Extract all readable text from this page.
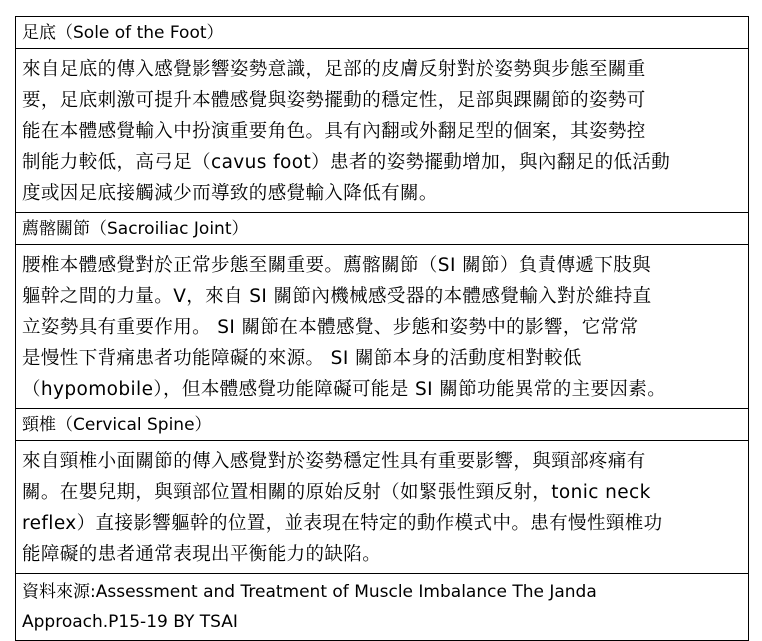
足底（Sole of the Foot）
來自足底的傳入感覺影響姿勢意識，足部的皮膚反射對於姿勢與步態至關重
要，足底刺激可提升本體感覺與姿勢擺動的穩定性，足部與踝關節的姿勢可
能在本體感覺輸入中扮演重要角色。具有內翻或外翻足型的個案，其姿勢控
制能力較低，高弓足（cavus foot）患者的姿勢擺動增加，與內翻足的低活動
度或因足底接觸減少而導致的感覺輸入降低有關。
薦髂關節（Sacroiliac Joint）
腰椎本體感覺對於正常步態至關重要。薦髂關節（SI 關節）負責傳遞下肢與
軀幹之間的力量。V，來自 SI 關節內機械感受器的本體感覺輸入對於維持直
立姿勢具有重要作用。 SI 關節在本體感覺、步態和姿勢中的影響，它常常
是慢性下背痛患者功能障礙的來源。 SI 關節本身的活動度相對較低
（hypomobile），但本體感覺功能障礙可能是 SI 關節功能異常的主要因素。
頸椎（Cervical Spine）
來自頸椎小面關節的傳入感覺對於姿勢穩定性具有重要影響，與頸部疼痛有
關。在嬰兒期，與頸部位置相關的原始反射（如緊張性頸反射，tonic neck
reflex）直接影響軀幹的位置，並表現在特定的動作模式中。患有慢性頸椎功
能障礙的患者通常表現出平衡能力的缺陷。
資料來源:Assessment and Treatment of Muscle Imbalance The Janda
Approach.P15-19 BY TSAI
